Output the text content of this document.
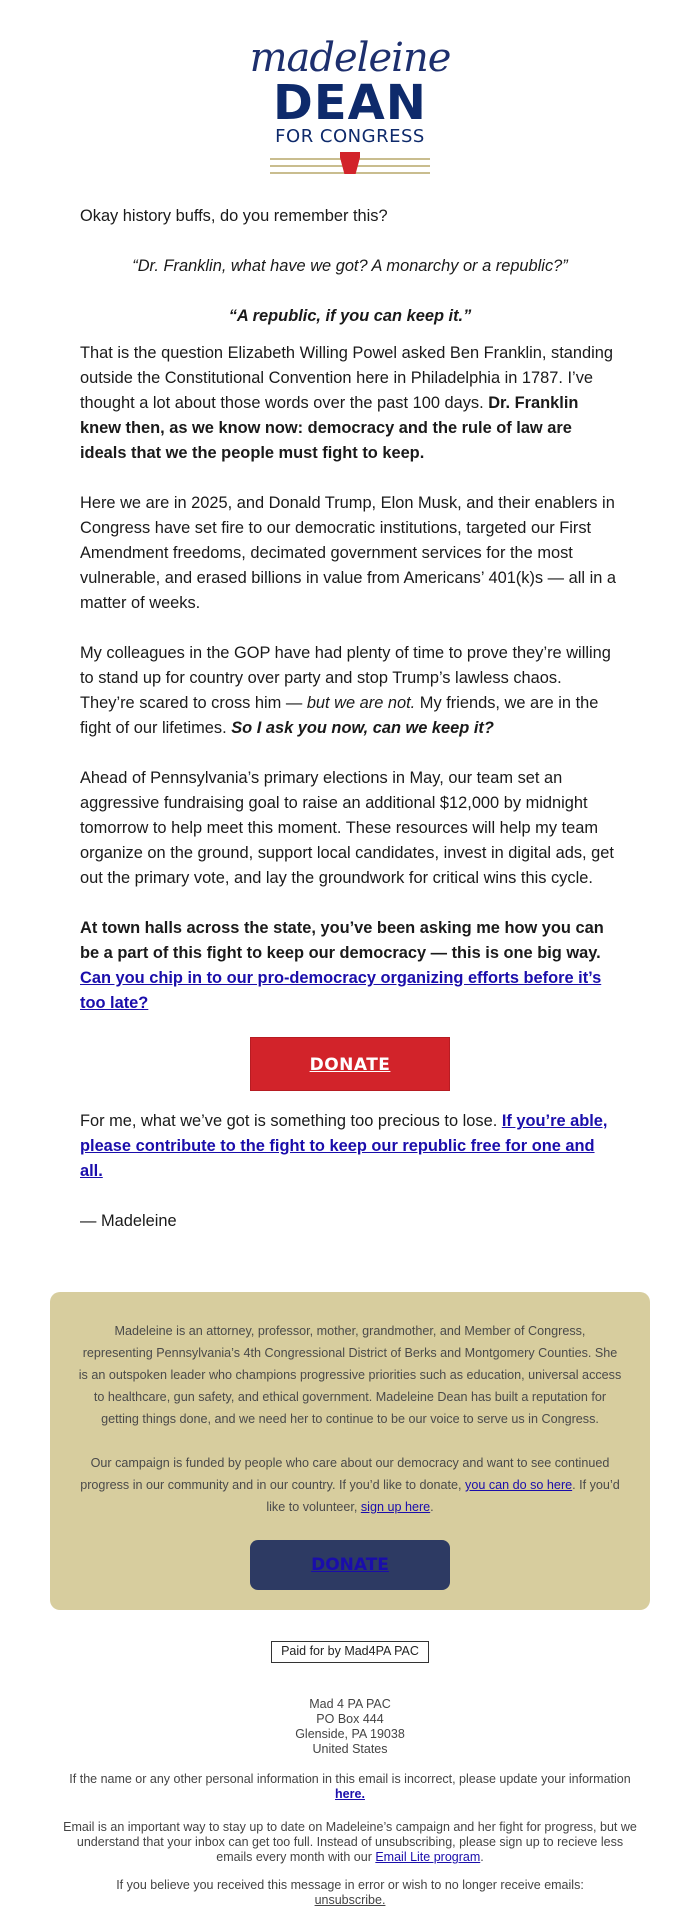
madeleine
DEAN
FOR CONGRESS
Okay history buffs, do you remember this?
“Dr. Franklin, what have we got? A monarchy or a republic?”
“A republic, if you can keep it.”
That is the question Elizabeth Willing Powel asked Ben Franklin, standing outside the Constitutional Convention here in Philadelphia in 1787. I’ve thought a lot about those words over the past 100 days. Dr. Franklin knew then, as we know now: democracy and the rule of law are ideals that we the people must fight to keep.
Here we are in 2025, and Donald Trump, Elon Musk, and their enablers in Congress have set fire to our democratic institutions, targeted our First Amendment freedoms, decimated government services for the most vulnerable, and erased billions in value from Americans’ 401(k)s — all in a matter of weeks.
My colleagues in the GOP have had plenty of time to prove they’re willing to stand up for country over party and stop Trump’s lawless chaos. They’re scared to cross him — but we are not. My friends, we are in the fight of our lifetimes. So I ask you now, can we keep it?
Ahead of Pennsylvania’s primary elections in May, our team set an aggressive fundraising goal to raise an additional $12,000 by midnight tomorrow to help meet this moment. These resources will help my team organize on the ground, support local candidates, invest in digital ads, get out the primary vote, and lay the groundwork for critical wins this cycle.
At town halls across the state, you’ve been asking me how you can be a part of this fight to keep our democracy — this is one big way. Can you chip in to our pro-democracy organizing efforts before it’s too late?
DONATE
For me, what we’ve got is something too precious to lose. If you’re able, please contribute to the fight to keep our republic free for one and all.
— Madeleine
Madeleine is an attorney, professor, mother, grandmother, and Member of Congress, representing Pennsylvania’s 4th Congressional District of Berks and Montgomery Counties. She is an outspoken leader who champions progressive priorities such as education, universal access to healthcare, gun safety, and ethical government. Madeleine Dean has built a reputation for getting things done, and we need her to continue to be our voice to serve us in Congress.
Our campaign is funded by people who care about our democracy and want to see continued progress in our community and in our country. If you’d like to donate, you can do so here. If you’d like to volunteer, sign up here.
DONATE
Paid for by Mad4PA PAC
Mad 4 PA PAC
PO Box 444
Glenside, PA 19038
United States
If the name or any other personal information in this email is incorrect, please update your information here.
Email is an important way to stay up to date on Madeleine’s campaign and her fight for progress, but we understand that your inbox can get too full. Instead of unsubscribing, please sign up to recieve less emails every month with our Email Lite program.
If you believe you received this message in error or wish to no longer receive emails: unsubscribe.
